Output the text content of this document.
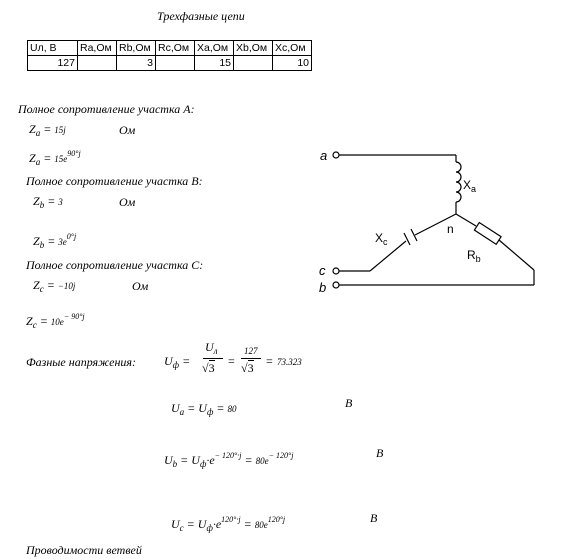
Трехфазные цепи
Uл, В	Ra,Ом	Rb,Ом	Rc,Ом	Xa,Ом	Xb,Ом	Xc,Ом
127		3		15		10
Полное сопротивление участка А:
$Z_a = 15j$	Ом
$Z_a = 15e^{90^\circ j}$
Полное сопротивление участка В:
$Z_b = 3$	Ом
$Z_b = 3e^{0^\circ j}$
Полное сопротивление участка С:
$Z_c = -10j$	Ом
$Z_c = 10e^{- 90^\circ j}$
Фазные напряжения: $U_ф$ =
$U_л$
√3 =
127
√3 = 73.323
$U_a = U_ф = 80$	В
$U_b = U_ф\cdot e^{- 120^\circ\cdot j} = 80e^{- 120^\circ j}$	В
$U_c = U_ф\cdot e^{120^\circ\cdot j} = 80e^{120^\circ j}$	В
Проводимости ветвей
a
c
b
n
$X_a$
$X_c$
$R_b$
